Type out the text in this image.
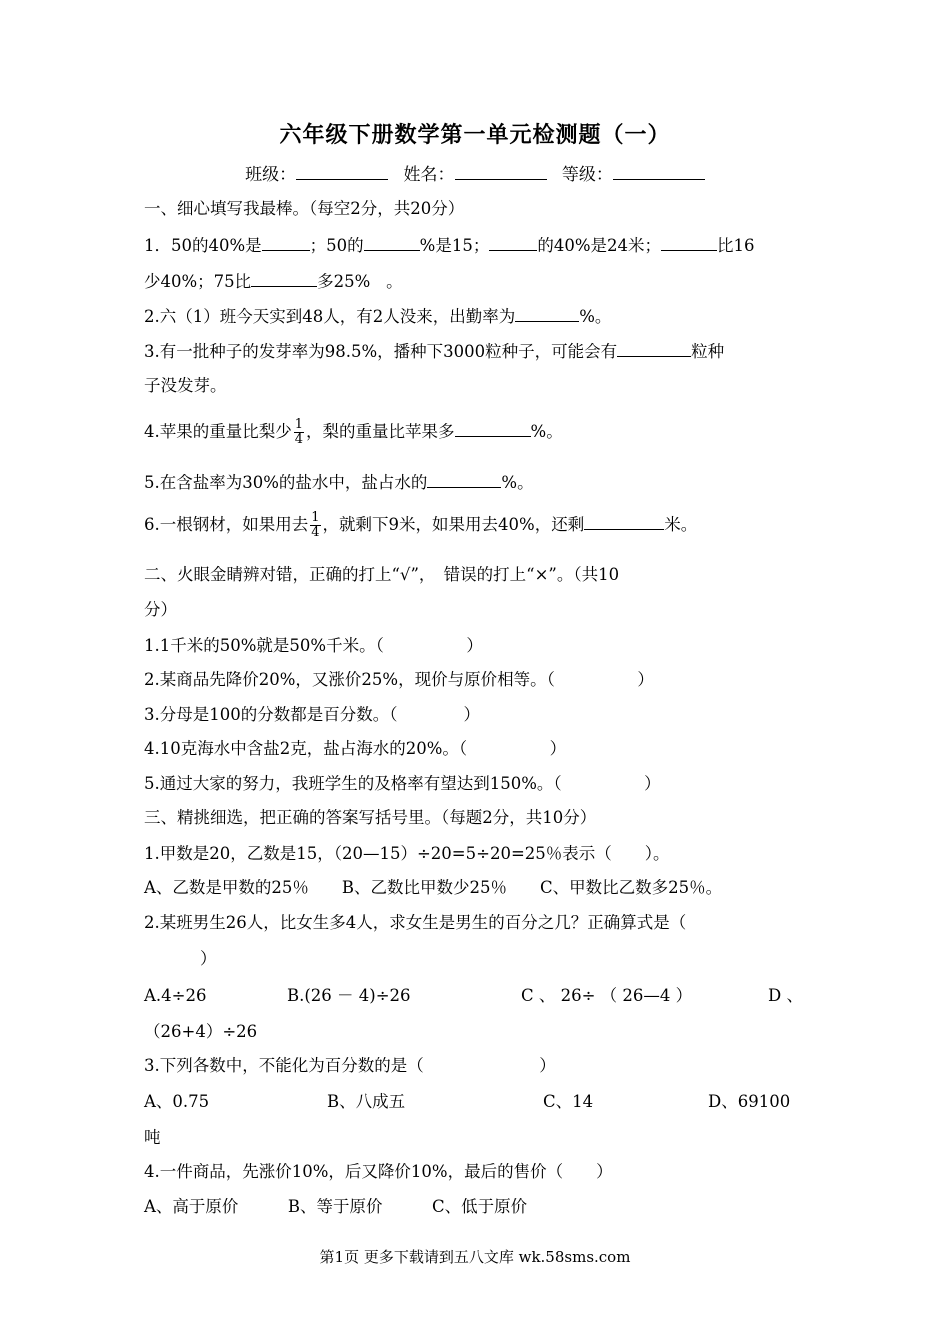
六年级下册数学第一单元检测题（一）
班级：	姓名：	等级：
一、细心填写我最棒。（每空2分，共20分）
1．50的40%是	；50的	%是15；	的40%是24米；	比16
少40%；75比	多25% 。
2.六（1）班今天实到48人，有2人没来，出勤率为	%。
3.有一批种子的发芽率为98.5%，播种下3000粒种子，可能会有	粒种
子没发芽。
4.苹果的重量比梨少 $\frac{1}{4}$ ，梨的重量比苹果多	%。
5.在含盐率为30%的盐水中，盐占水的	%。
6.一根钢材，如果用去 $\frac{1}{4}$ ，就剩下9米，如果用去40%，还剩	米。
二、火眼金睛辨对错，正确的打上“√”，　错误的打上“×”。（共10
分）
1.1千米的50%就是50%千米。（　　　　　）
2.某商品先降价20%，又涨价25%，现价与原价相等。（　　　　　）
3.分母是100的分数都是百分数。（　　　　）
4.10克海水中含盐2克，盐占海水的20%。（　　　　　）
5.通过大家的努力，我班学生的及格率有望达到150%。（　　　　　）
三、精挑细选，把正确的答案写括号里。（每题2分，共10分）
1.甲数是20，乙数是15，（20—15）÷20=5÷20=25％表示（　　）。
A、乙数是甲数的25％　　B、乙数比甲数少25％　　C、甲数比乙数多25％。
2.某班男生26人，比女生多4人，求女生是男生的百分之几？正确算式是（
）
A.4÷26	B.(26 － 4)÷26	C 、 26÷ （ 26—4 ）	D 、
（26+4）÷26
3.下列各数中，不能化为百分数的是（　　　　　　　）
A、0.75	B、八成五	C、14	D、69100
吨
4.一件商品，先涨价10%，后又降价10%，最后的售价（　　）
A、高于原价　　　B、等于原价　　　C、低于原价
第1页 更多下载请到五八文库 wk.58sms.com
